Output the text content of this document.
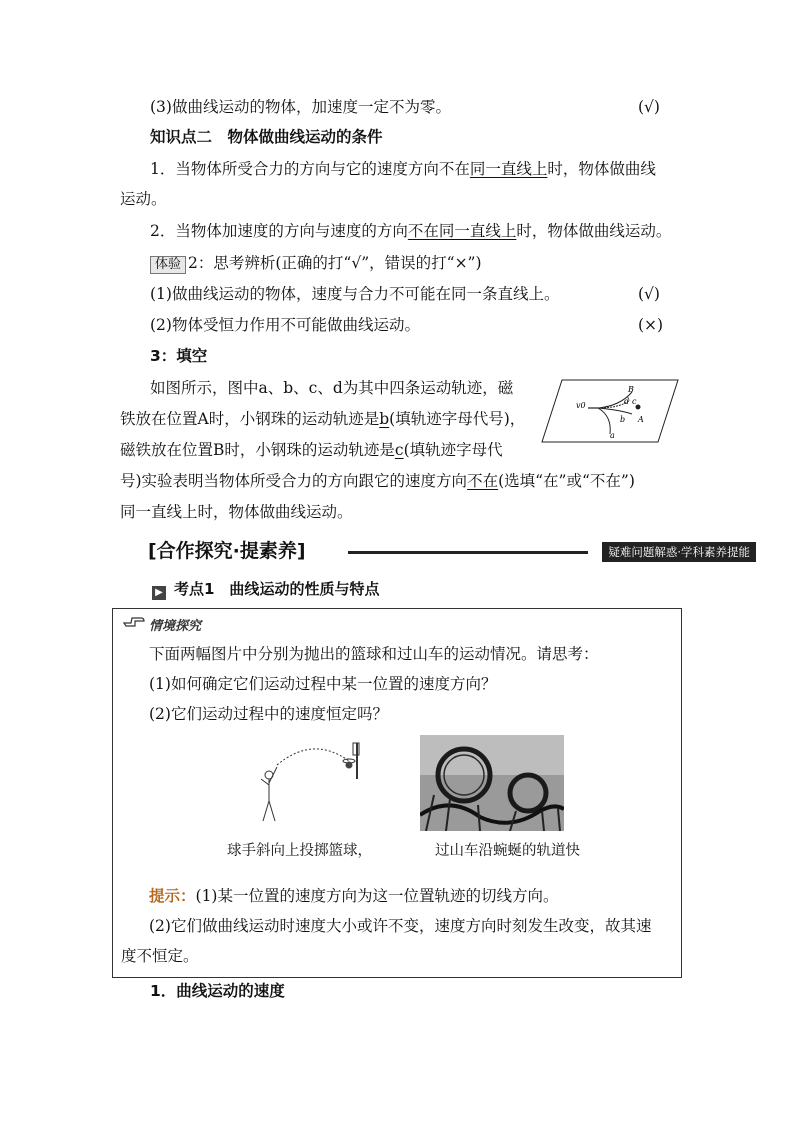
(3)做曲线运动的物体，加速度一定不为零。	(√)
知识点二　物体做曲线运动的条件
1．当物体所受合力的方向与它的速度方向不在同一直线上时，物体做曲线
运动。
2．当物体加速度的方向与速度的方向不在同一直线上时，物体做曲线运动。
体验 2：思考辨析(正确的打“√”，错误的打“×”)
(1)做曲线运动的物体，速度与合力不可能在同一条直线上。	(√)
(2)物体受恒力作用不可能做曲线运动。	(×)
3：填空
如图所示，图中a、b、c、d为其中四条运动轨迹，磁
铁放在位置A时，小钢珠的运动轨迹是b(填轨迹字母代号)，
磁铁放在位置B时，小钢珠的运动轨迹是c(填轨迹字母代
号)实验表明当物体所受合力的方向跟它的速度方向不在(选填“在”或“不在”)
同一直线上时，物体做曲线运动。
v0
B
d c
b A
a
[合作探究·提素养]	疑难问题解惑·学科素养提能
▶ 考点1　曲线运动的性质与特点
情境探究
下面两幅图片中分别为抛出的篮球和过山车的运动情况。请思考：
(1)如何确定它们运动过程中某一位置的速度方向？
(2)它们运动过程中的速度恒定吗？
球手斜向上投掷篮球，	过山车沿蜿蜒的轨道快
提示：(1)某一位置的速度方向为这一位置轨迹的切线方向。
(2)它们做曲线运动时速度大小或许不变，速度方向时刻发生改变，故其速
度不恒定。
1．曲线运动的速度
